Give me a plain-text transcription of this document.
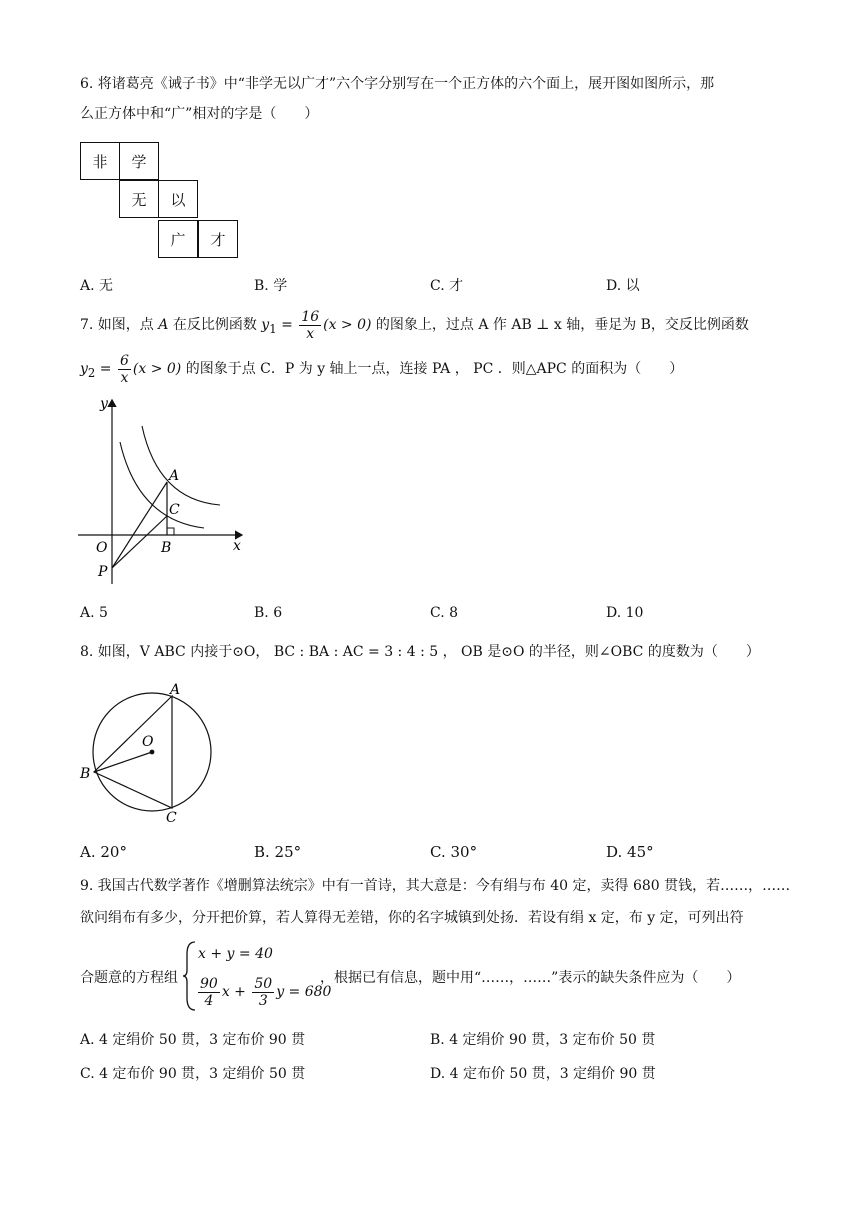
6. 将诸葛亮《诫子书》中“非学无以广才”六个字分别写在一个正方体的六个面上，展开图如图所示，那
么正方体中和“广”相对的字是（　　）
非	学
无	以
广	才
A. 无	B. 学	C. 才	D. 以
7. 如图，点 A 在反比例函数 $y_1 = \frac{16}{x} (x > 0)$ 的图象上，过点 A 作 AB ⊥ x 轴，垂足为 B，交反比例函数
$y_2 = \frac{6}{x} (x > 0)$ 的图象于点 C．P 为 y 轴上一点，连接 PA ， PC ．则△APC 的面积为（　　）
y
x
O
A
B
C
P
A. 5	B. 6	C. 8	D. 10
8. 如图，V ABC 内接于⊙O， BC : BA : AC = 3 : 4 : 5 ， OB 是⊙O 的半径，则∠OBC 的度数为（　　）
A
B
C
O
A. 20°	B. 25°	C. 30°	D. 45°
9. 我国古代数学著作《增删算法统宗》中有一首诗，其大意是：今有绢与布 40 定，卖得 680 贯钱，若……，……
欲问绢布有多少，分开把价算，若人算得无差错，你的名字城镇到处扬．若设有绢 x 定，布 y 定，可列出符
合题意的方程组
x + y = 40
$\frac{90}{4}$ $x + \frac{50}{3}$ y = 680
，根据已有信息，题中用“……，……”表示的缺失条件应为（　　）
A. 4 定绢价 50 贯，3 定布价 90 贯	B. 4 定绢价 90 贯，3 定布价 50 贯
C. 4 定布价 90 贯，3 定绢价 50 贯	D. 4 定布价 50 贯，3 定绢价 90 贯
